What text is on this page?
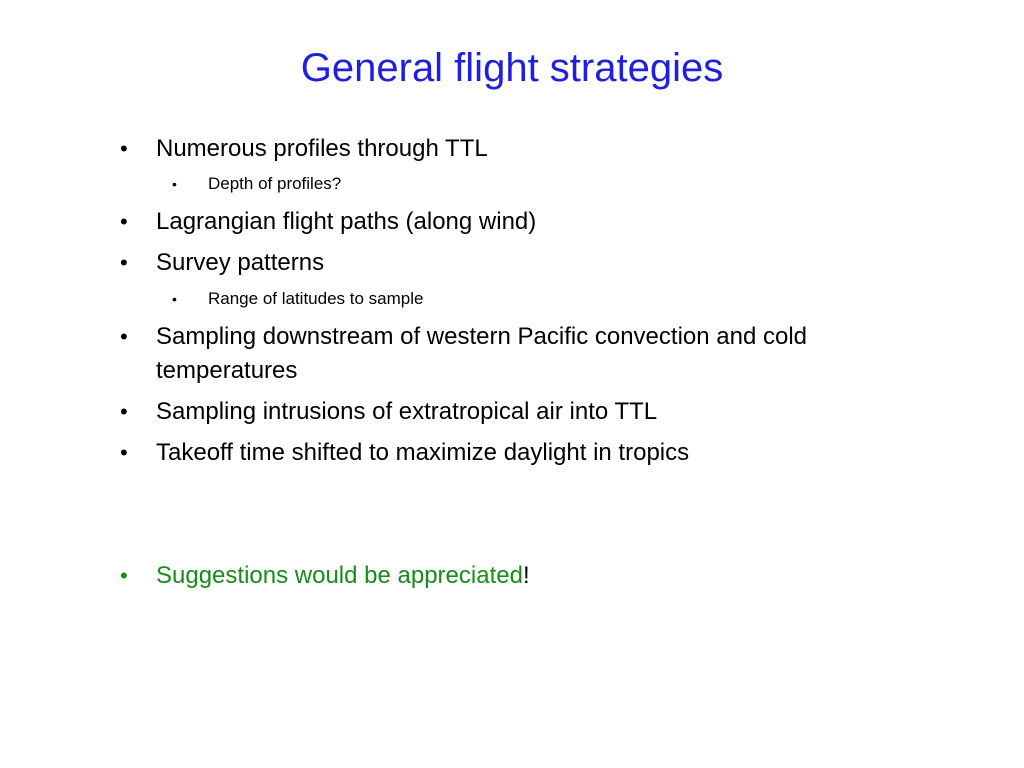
General flight strategies
• Numerous profiles through TTL
• Depth of profiles?
• Lagrangian flight paths (along wind)
• Survey patterns
• Range of latitudes to sample
• Sampling downstream of western Pacific convection and cold temperatures
• Sampling intrusions of extratropical air into TTL
• Takeoff time shifted to maximize daylight in tropics
• Suggestions would be appreciated!
